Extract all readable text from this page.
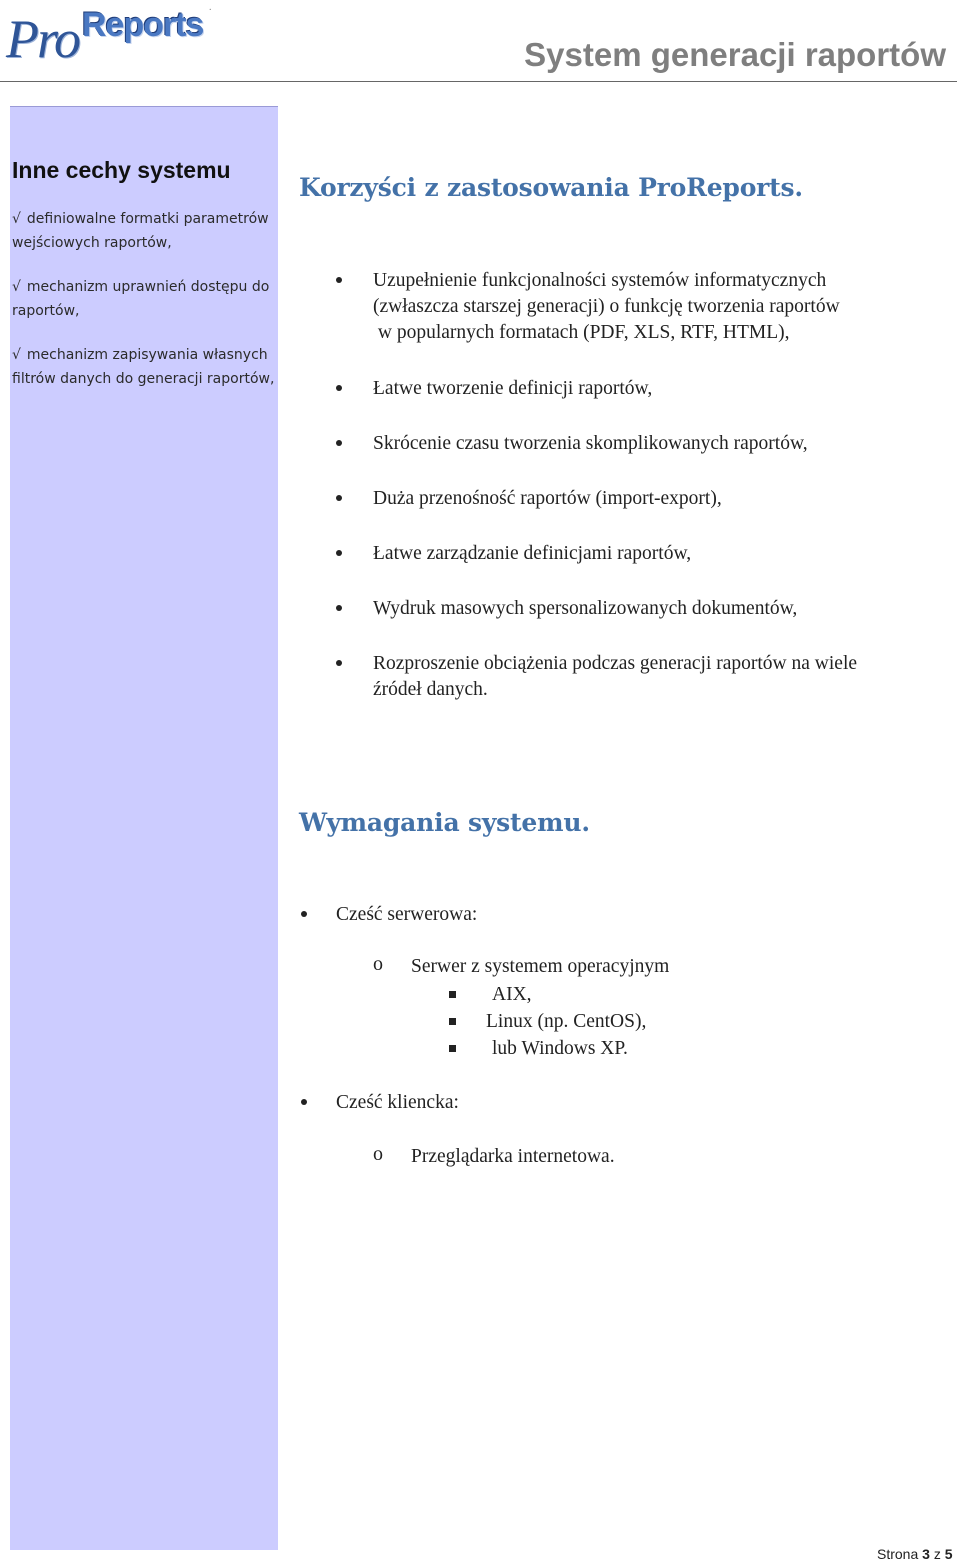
Pro Reports .
System generacji raportów
Inne cechy systemu
√ definiowalne formatki parametrów wejściowych raportów,
√ mechanizm uprawnień dostępu do raportów,
√ mechanizm zapisywania własnych filtrów danych do generacji raportów,
Korzyści z zastosowania ProReports.
Uzupełnienie funkcjonalności systemów informatycznych
(zwłaszcza starszej generacji) o funkcję tworzenia raportów
w popularnych formatach (PDF, XLS, RTF, HTML),
Łatwe tworzenie definicji raportów,
Skrócenie czasu tworzenia skomplikowanych raportów,
Duża przenośność raportów (import-export),
Łatwe zarządzanie definicjami raportów,
Wydruk masowych spersonalizowanych dokumentów,
Rozproszenie obciążenia podczas generacji raportów na wiele
źródeł danych.
Wymagania systemu.
Cześć serwerowa:
o Serwer z systemem operacyjnym
AIX,
Linux (np. CentOS),
lub Windows XP.
Cześć kliencka:
o Przeglądarka internetowa.
Strona 3 z 5
